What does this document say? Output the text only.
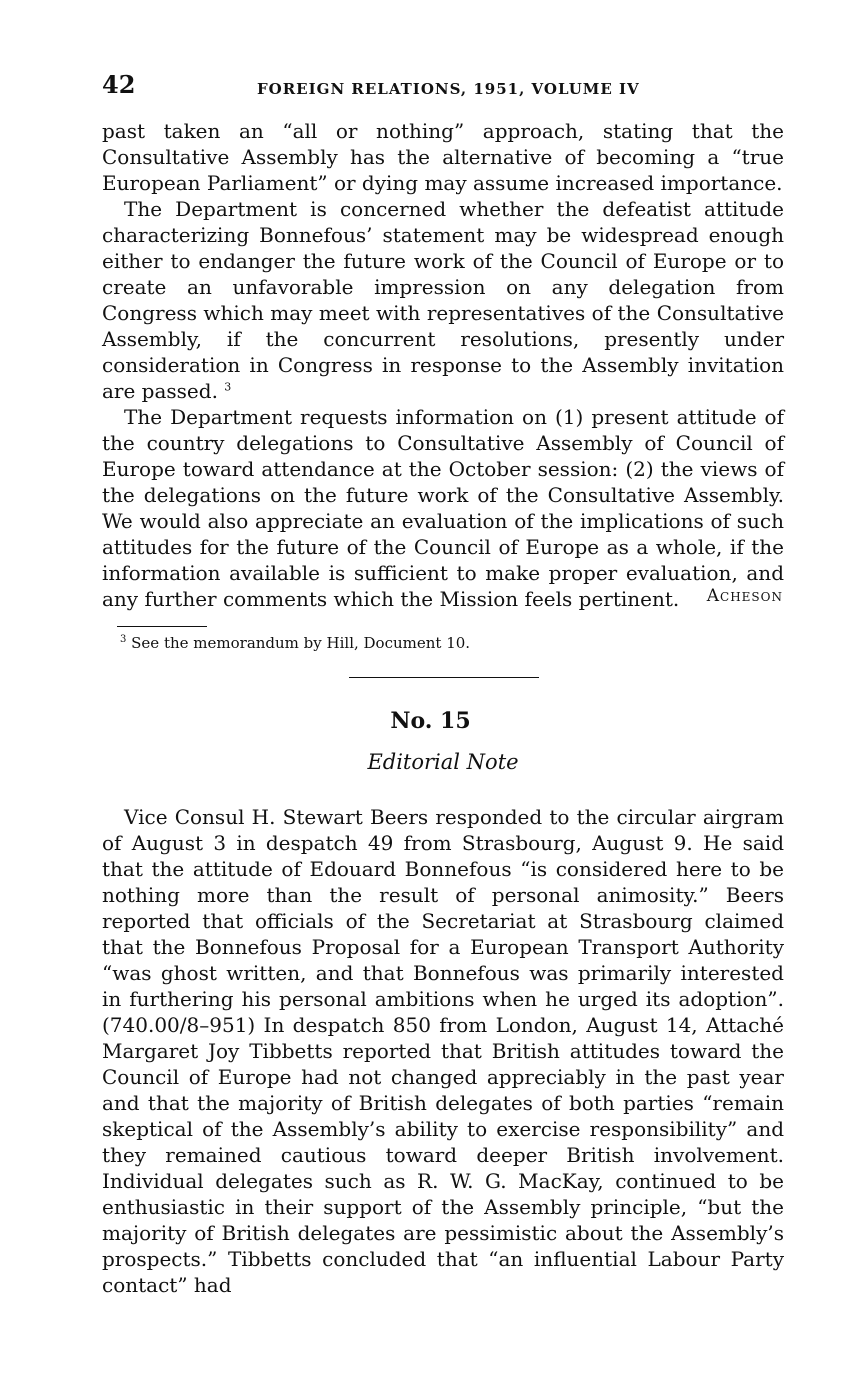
42	FOREIGN RELATIONS, 1951, VOLUME IV

past taken an “all or nothing” approach, stating that the Consultative Assembly has the alternative of becoming a “true European Parliament” or dying may assume increased importance.

The Department is concerned whether the defeatist attitude characterizing Bonnefous’ statement may be widespread enough either to endanger the future work of the Council of Europe or to create an unfavorable impression on any delegation from Congress which may meet with representatives of the Consultative Assembly, if the concurrent resolutions, presently under consideration in Congress in response to the Assembly invitation are passed. $^3$

The Department requests information on (1) present attitude of the country delegations to Consultative Assembly of Council of Europe toward attendance at the October session: (2) the views of the delegations on the future work of the Consultative Assembly. We would also appreciate an evaluation of the implications of such attitudes for the future of the Council of Europe as a whole, if the information available is sufficient to make proper evaluation, and any further comments which the Mission feels pertinent.	Acheson
$^3$ See the memorandum by Hill, Document 10.
No. 15
Editorial Note

Vice Consul H. Stewart Beers responded to the circular airgram of August 3 in despatch 49 from Strasbourg, August 9. He said that the attitude of Edouard Bonnefous “is considered here to be nothing more than the result of personal animosity.” Beers reported that officials of the Secretariat at Strasbourg claimed that the Bonnefous Proposal for a European Transport Authority “was ghost written, and that Bonnefous was primarily interested in furthering his personal ambitions when he urged its adoption”. (740.00/8–951) In despatch 850 from London, August 14, Attaché Margaret Joy Tibbetts reported that British attitudes toward the Council of Europe had not changed appreciably in the past year and that the majority of British delegates of both parties “remain skeptical of the Assembly’s ability to exercise responsibility” and they remained cautious toward deeper British involvement. Individual delegates such as R. W. G. MacKay, continued to be enthusiastic in their support of the Assembly principle, “but the majority of British delegates are pessimistic about the Assembly’s prospects.” Tibbetts concluded that “an influential Labour Party contact” had
